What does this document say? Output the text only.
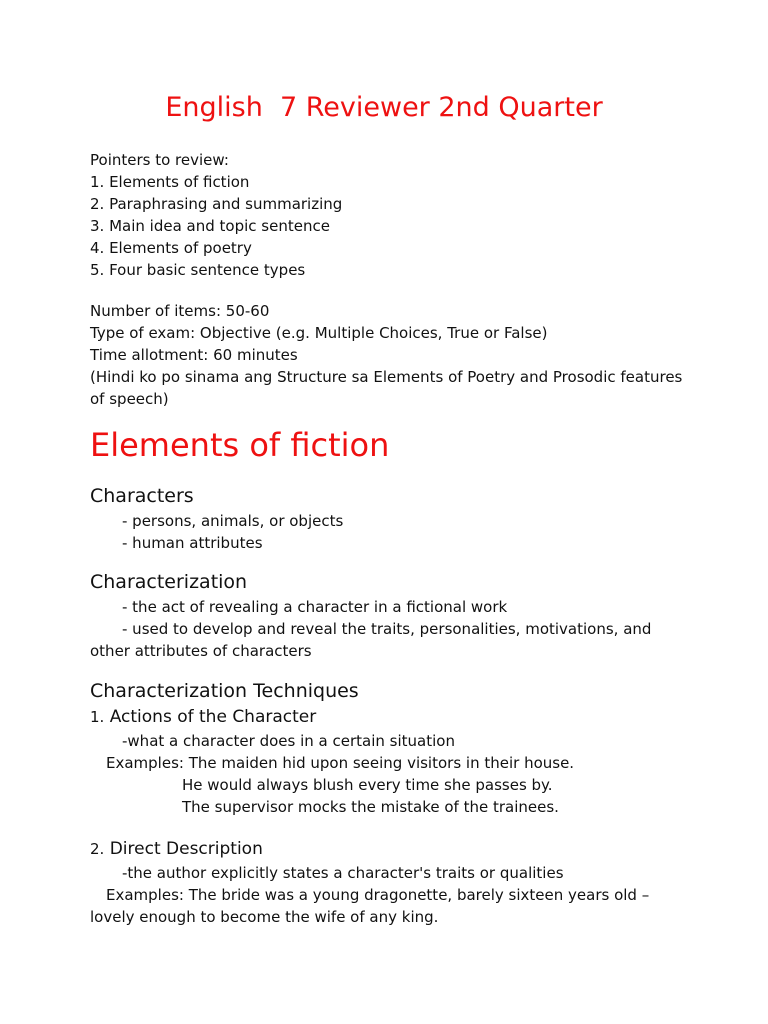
English  7 Reviewer 2nd Quarter
Pointers to review:
1. Elements of fiction
2. Paraphrasing and summarizing
3. Main idea and topic sentence
4. Elements of poetry
5. Four basic sentence types
Number of items: 50-60
Type of exam: Objective (e.g. Multiple Choices, True or False)
Time allotment: 60 minutes
(Hindi ko po sinama ang Structure sa Elements of Poetry and Prosodic features of speech)
Elements of fiction
Characters
- persons, animals, or objects
- human attributes
Characterization
- the act of revealing a character in a fictional work
- used to develop and reveal the traits, personalities, motivations, and other attributes of characters
Characterization Techniques
1. Actions of the Character
-what a character does in a certain situation
Examples: The maiden hid upon seeing visitors in their house.
He would always blush every time she passes by.
The supervisor mocks the mistake of the trainees.
2. Direct Description
-the author explicitly states a character's traits or qualities
Examples: The bride was a young dragonette, barely sixteen years old – lovely enough to become the wife of any king.
